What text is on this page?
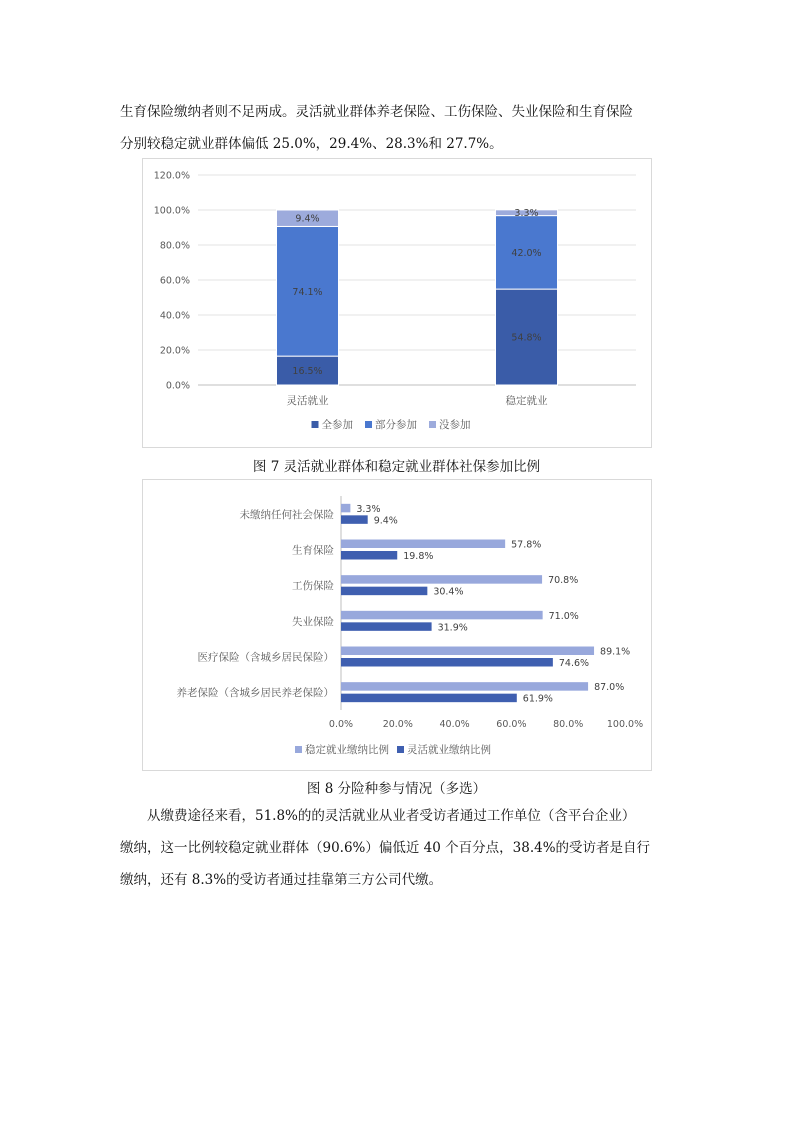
生育保险缴纳者则不足两成。灵活就业群体养老保险、工伤保险、失业保险和生育保险
分别较稳定就业群体偏低 25.0%，29.4%、28.3%和 27.7%。

0.0%
20.0%
40.0%
60.0%
80.0%
100.0%
120.0%
16.5%
74.1%
9.4%
灵活就业
54.8%
42.0%
3.3%
稳定就业
全参加 部分参加 没参加
图 7 灵活就业群体和稳定就业群体社保参加比例
0.0%	20.0%	40.0%	60.0%	80.0% 100.0%
未缴纳任何社会保险 3.3%
9.4%
生育保险	57.8%
19.8%
工伤保险	70.8%
30.4%
失业保险	71.0%
31.9%
医疗保险（含城乡居民保险）	89.1%
74.6%
养老保险（含城乡居民养老保险）	87.0%
61.9%
稳定就业缴纳比例 灵活就业缴纳比例
图 8 分险种参与情况（多选）

从缴费途径来看，51.8%的的灵活就业从业者受访者通过工作单位（含平台企业）
缴纳，这一比例较稳定就业群体（90.6%）偏低近 40 个百分点，38.4%的受访者是自行
缴纳，还有 8.3%的受访者通过挂靠第三方公司代缴。
